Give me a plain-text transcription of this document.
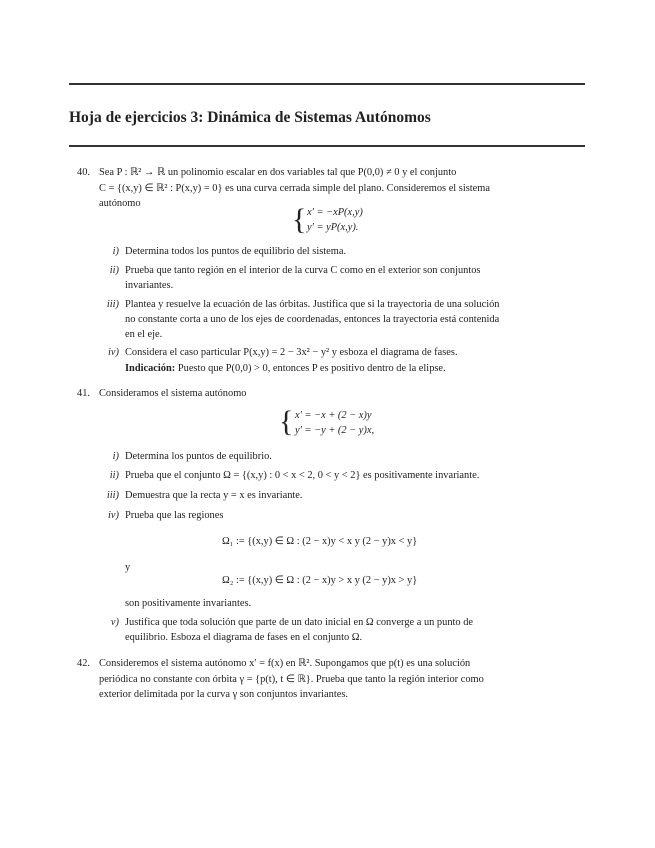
Hoja de ejercicios 3: Dinámica de Sistemas Autónomos
40. Sea P : ℝ² → ℝ un polinomio escalar en dos variables tal que P(0,0) ≠ 0 y el conjunto
C = {(x,y) ∈ ℝ² : P(x,y) = 0} es una curva cerrada simple del plano. Consideremos el sistema
autónomo	{ x′ = −xP(x,y)
y′ = yP(x,y).
i) Determina todos los puntos de equilibrio del sistema.
ii) Prueba que tanto región en el interior de la curva C como en el exterior son conjuntos
invariantes.
iii) Plantea y resuelve la ecuación de las órbitas. Justifica que si la trayectoria de una solución
no constante corta a uno de los ejes de coordenadas, entonces la trayectoria está contenida
en el eje.
iv) Considera el caso particular P(x,y) = 2 − 3x² − y² y esboza el diagrama de fases.
Indicación: Puesto que P(0,0) > 0, entonces P es positivo dentro de la elipse.
41. Consideramos el sistema autónomo
{ x′ = −x + (2 − x)y
y′ = −y + (2 − y)x,
i) Determina los puntos de equilibrio.
ii) Prueba que el conjunto Ω = {(x,y) : 0 < x < 2, 0 < y < 2} es positivamente invariante.
iii) Demuestra que la recta y = x es invariante.
iv) Prueba que las regiones
Ω₁ := {(x,y) ∈ Ω : (2 − x)y < x y (2 − y)x < y}
y
Ω₂ := {(x,y) ∈ Ω : (2 − x)y > x y (2 − y)x > y}
son positivamente invariantes.
v) Justifica que toda solución que parte de un dato inicial en Ω converge a un punto de
equilibrio. Esboza el diagrama de fases en el conjunto Ω.
42. Consideremos el sistema autónomo x′ = f(x) en ℝ². Supongamos que p(t) es una solución
periódica no constante con órbita γ = {p(t), t ∈ ℝ}. Prueba que tanto la región interior como
exterior delimitada por la curva γ son conjuntos invariantes.
